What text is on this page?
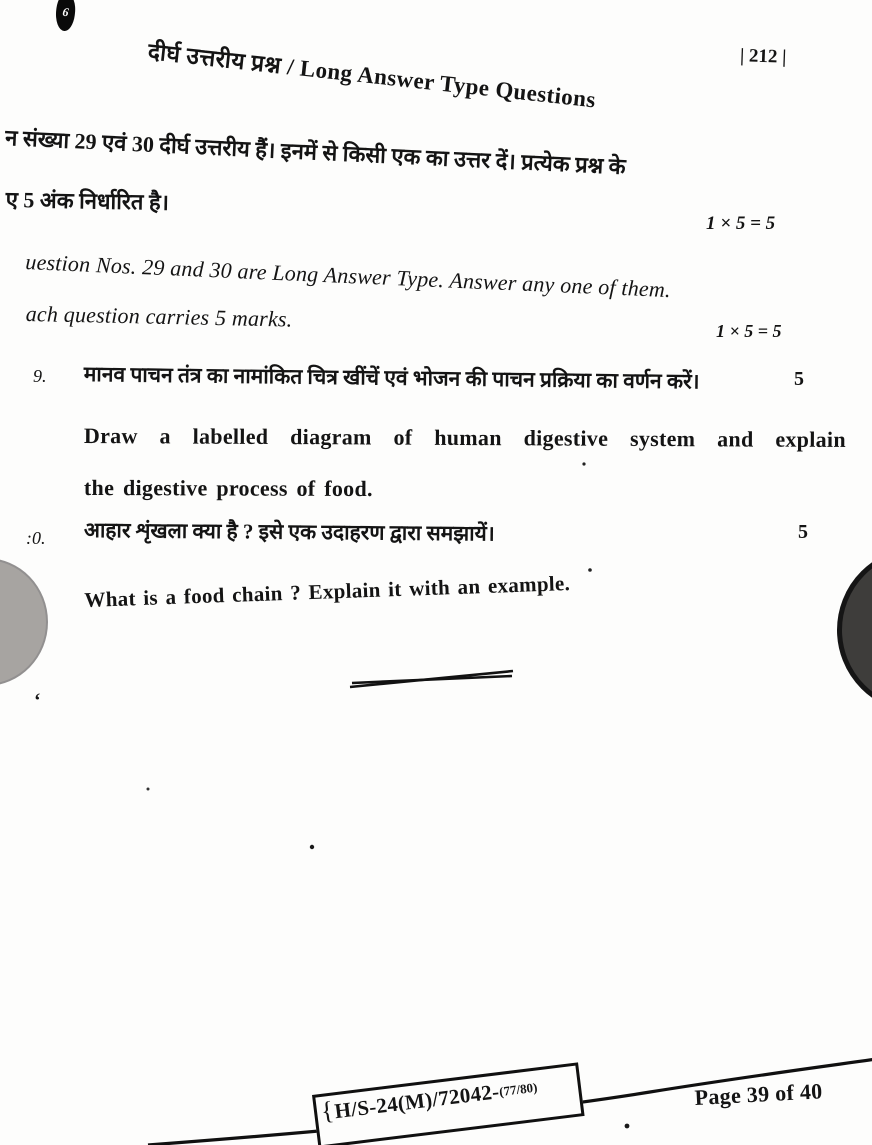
6
दीर्घ उत्तरीय प्रश्न / Long Answer Type Questions	| 212 |
न संख्या 29 एवं 30 दीर्घ उत्तरीय हैं। इनमें से किसी एक का उत्तर दें। प्रत्येक प्रश्न के
ए 5 अंक निर्धारित है।
1 × 5 = 5
uestion Nos. 29 and 30 are Long Answer Type. Answer any one of them.
ach question carries 5 marks.	1 × 5 = 5
9. मानव पाचन तंत्र का नामांकित चित्र खींचें एवं भोजन की पाचन प्रक्रिया का वर्णन करें।	5
Draw a labelled diagram of human digestive system and explain
the digestive process of food.
:0. आहार शृंखला क्या है ? इसे एक उदाहरण द्वारा समझायें।	5
What is a food chain ? Explain it with an example.
‘
{
H/S-24(M)/72042-
(77/80)	Page 39 of 40
